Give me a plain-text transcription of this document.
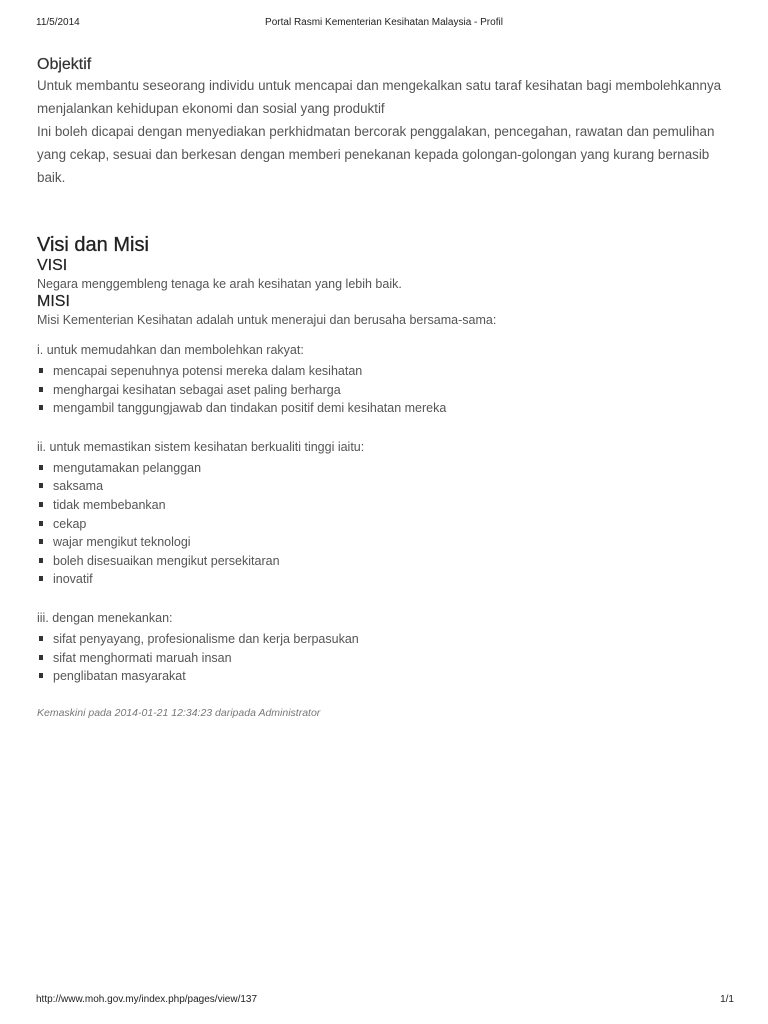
11/5/2014	Portal Rasmi Kementerian Kesihatan Malaysia - Profil
Objektif

Untuk membantu seseorang individu untuk mencapai dan mengekalkan satu taraf kesihatan bagi membolehkannya menjalankan kehidupan ekonomi dan sosial yang produktif

Ini boleh dicapai dengan menyediakan perkhidmatan bercorak penggalakan, pencegahan, rawatan dan pemulihan yang cekap, sesuai dan berkesan dengan memberi penekanan kepada golongan-golongan yang kurang bernasib baik.

Visi dan Misi
VISI

Negara menggembleng tenaga ke arah kesihatan yang lebih baik.

MISI

Misi Kementerian Kesihatan adalah untuk menerajui dan berusaha bersama-sama:

i. untuk memudahkan dan membolehkan rakyat:

mencapai sepenuhnya potensi mereka dalam kesihatan
menghargai kesihatan sebagai aset paling berharga
mengambil tanggungjawab dan tindakan positif demi kesihatan mereka

ii. untuk memastikan sistem kesihatan berkualiti tinggi iaitu:

mengutamakan pelanggan
saksama
tidak membebankan
cekap
wajar mengikut teknologi
boleh disesuaikan mengikut persekitaran
inovatif

iii. dengan menekankan:

sifat penyayang, profesionalisme dan kerja berpasukan
sifat menghormati maruah insan
penglibatan masyarakat
Kemaskini pada 2014-01-21 12:34:23 daripada Administrator
http://www.moh.gov.my/index.php/pages/view/137	1/1
